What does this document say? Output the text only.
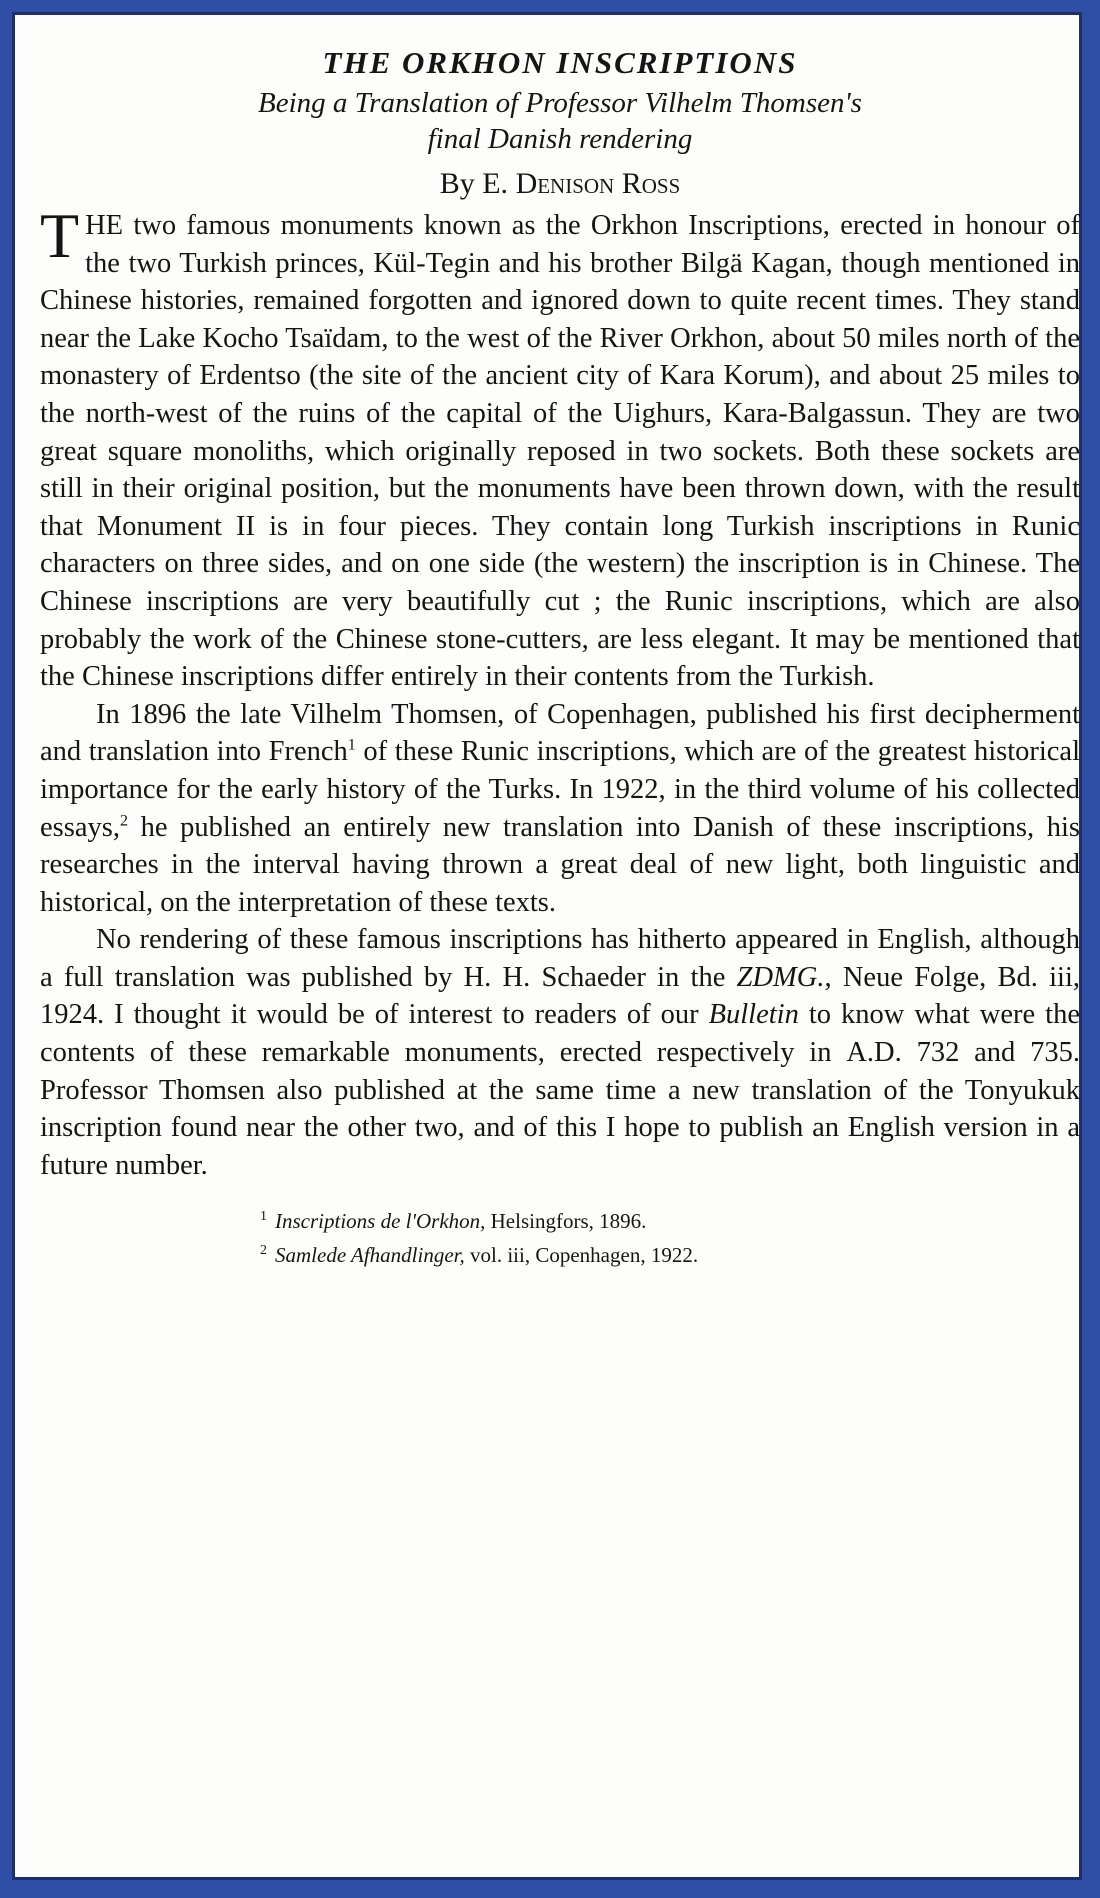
THE ORKHON INSCRIPTIONS

Being a Translation of Professor Vilhelm Thomsen's
final Danish rendering

By E. Denison Ross

THE two famous monuments known as the Orkhon Inscriptions, erected in honour of the two Turkish princes, Kül-Tegin and his brother Bilgä Kagan, though mentioned in Chinese histories, remained forgotten and ignored down to quite recent times. They stand near the Lake Kocho Tsaïdam, to the west of the River Orkhon, about 50 miles north of the monastery of Erdentso (the site of the ancient city of Kara Korum), and about 25 miles to the north-west of the ruins of the capital of the Uighurs, Kara-Balgassun. They are two great square monoliths, which originally reposed in two sockets. Both these sockets are still in their original position, but the monuments have been thrown down, with the result that Monument II is in four pieces. They contain long Turkish inscriptions in Runic characters on three sides, and on one side (the western) the inscription is in Chinese. The Chinese inscriptions are very beautifully cut ; the Runic inscriptions, which are also probably the work of the Chinese stone-cutters, are less elegant. It may be mentioned that the Chinese inscriptions differ entirely in their contents from the Turkish.

In 1896 the late Vilhelm Thomsen, of Copenhagen, published his first decipherment and translation into French$^1$ of these Runic inscriptions, which are of the greatest historical importance for the early history of the Turks. In 1922, in the third volume of his collected essays,$^2$ he published an entirely new translation into Danish of these inscriptions, his researches in the interval having thrown a great deal of new light, both linguistic and historical, on the interpretation of these texts.

No rendering of these famous inscriptions has hitherto appeared in English, although a full translation was published by H. H. Schaeder in the ZDMG., Neue Folge, Bd. iii, 1924. I thought it would be of interest to readers of our Bulletin to know what were the contents of these remarkable monuments, erected respectively in A.D. 732 and 735. Professor Thomsen also published at the same time a new translation of the Tonyukuk inscription found near the other two, and of this I hope to publish an English version in a future number.

$^1$ Inscriptions de l'Orkhon, Helsingfors, 1896.

$^2$ Samlede Afhandlinger, vol. iii, Copenhagen, 1922.
